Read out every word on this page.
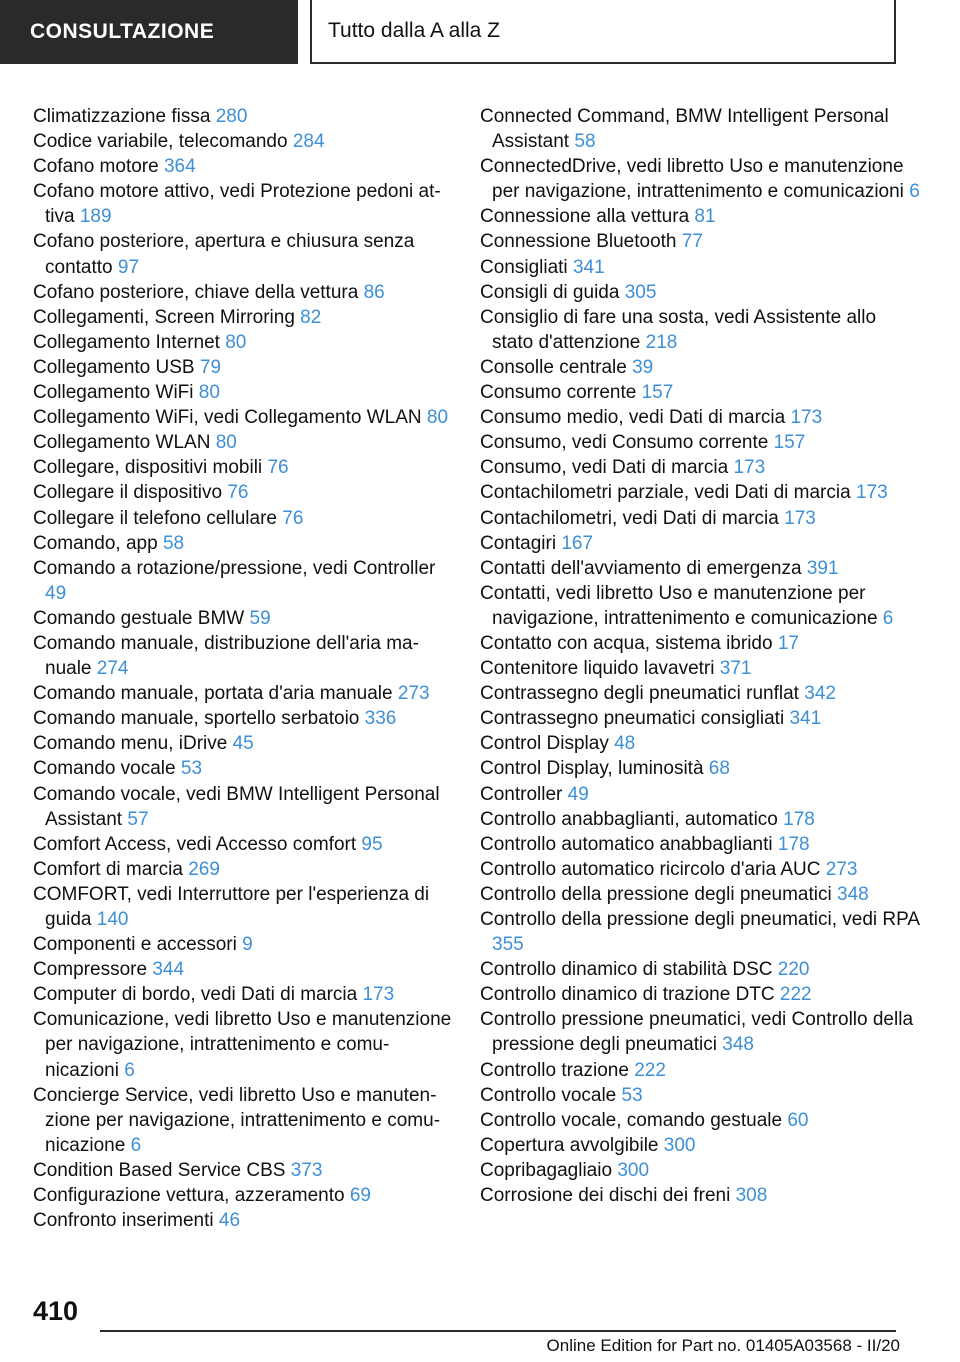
CONSULTAZIONE	Tutto dalla A alla Z

Climatizzazione fissa 280

Codice variabile, telecomando 284

Cofano motore 364

Cofano motore attivo, vedi Protezione pedoni attiva 189

Cofano posteriore, apertura e chiusura senza contatto 97

Cofano posteriore, chiave della vettura 86

Collegamenti, Screen Mirroring 82

Collegamento Internet 80

Collegamento USB 79

Collegamento WiFi 80

Collegamento WiFi, vedi Collegamento WLAN 80

Collegamento WLAN 80

Collegare, dispositivi mobili 76

Collegare il dispositivo 76

Collegare il telefono cellulare 76

Comando, app 58

Comando a rotazione/pressione, vedi Controller 49

Comando gestuale BMW 59

Comando manuale, distribuzione dell'aria manuale 274

Comando manuale, portata d'aria manuale 273

Comando manuale, sportello serbatoio 336

Comando menu, iDrive 45

Comando vocale 53

Comando vocale, vedi BMW Intelligent Personal Assistant 57

Comfort Access, vedi Accesso comfort 95

Comfort di marcia 269

COMFORT, vedi Interruttore per l'esperienza di guida 140

Componenti e accessori 9

Compressore 344

Computer di bordo, vedi Dati di marcia 173

Comunicazione, vedi libretto Uso e manutenzione per navigazione, intrattenimento e comunicazioni 6

Concierge Service, vedi libretto Uso e manutenzione per navigazione, intrattenimento e comunicazione 6

Condition Based Service CBS 373

Configurazione vettura, azzeramento 69

Confronto inserimenti 46

Connected Command, BMW Intelligent Personal Assistant 58

ConnectedDrive, vedi libretto Uso e manutenzione per navigazione, intrattenimento e comunicazioni 6

Connessione alla vettura 81

Connessione Bluetooth 77

Consigliati 341

Consigli di guida 305

Consiglio di fare una sosta, vedi Assistente allo stato d'attenzione 218

Consolle centrale 39

Consumo corrente 157

Consumo medio, vedi Dati di marcia 173

Consumo, vedi Consumo corrente 157

Consumo, vedi Dati di marcia 173

Contachilometri parziale, vedi Dati di marcia 173

Contachilometri, vedi Dati di marcia 173

Contagiri 167

Contatti dell'avviamento di emergenza 391

Contatti, vedi libretto Uso e manutenzione per navigazione, intrattenimento e comunicazione 6

Contatto con acqua, sistema ibrido 17

Contenitore liquido lavavetri 371

Contrassegno degli pneumatici runflat 342

Contrassegno pneumatici consigliati 341

Control Display 48

Control Display, luminosità 68

Controller 49

Controllo anabbaglianti, automatico 178

Controllo automatico anabbaglianti 178

Controllo automatico ricircolo d'aria AUC 273

Controllo della pressione degli pneumatici 348

Controllo della pressione degli pneumatici, vedi RPA 355

Controllo dinamico di stabilità DSC 220

Controllo dinamico di trazione DTC 222

Controllo pressione pneumatici, vedi Controllo della pressione degli pneumatici 348

Controllo trazione 222

Controllo vocale 53

Controllo vocale, comando gestuale 60

Copertura avvolgibile 300

Copribagagliaio 300

Corrosione dei dischi dei freni 308

410
Online Edition for Part no. 01405A03568 - II/20
